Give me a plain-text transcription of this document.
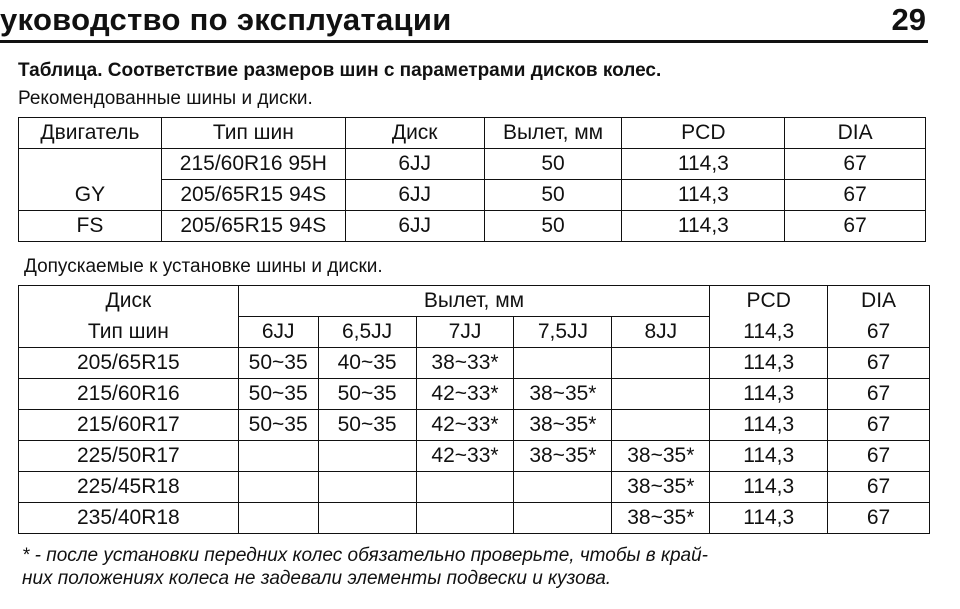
уководство по эксплуатации	29
Таблица. Соответствие размеров шин с параметрами дисков колес.
Рекомендованные шины и диски.
Двигатель	Тип шин	Диск	Вылет, мм	PCD	DIA
	215/60R16 95H	6JJ	50	114,3	67
GY	205/65R15 94S	6JJ	50	114,3	67
FS	205/65R15 94S	6JJ	50	114,3	67
Допускаемые к установке шины и диски.
Диск	Вылет, мм					PCD	DIA
Тип шин	6JJ	6,5JJ	7JJ	7,5JJ	8JJ	114,3	67
205/65R15	50~35	40~35	38~33*			114,3	67
215/60R16	50~35	50~35	42~33*	38~35*		114,3	67
215/60R17	50~35	50~35	42~33*	38~35*		114,3	67
225/50R17			42~33*	38~35*	38~35*	114,3	67
225/45R18					38~35*	114,3	67
235/40R18					38~35*	114,3	67
* - после установки передних колес обязательно проверьте, чтобы в край-
них положениях колеса не задевали элементы подвески и кузова.
